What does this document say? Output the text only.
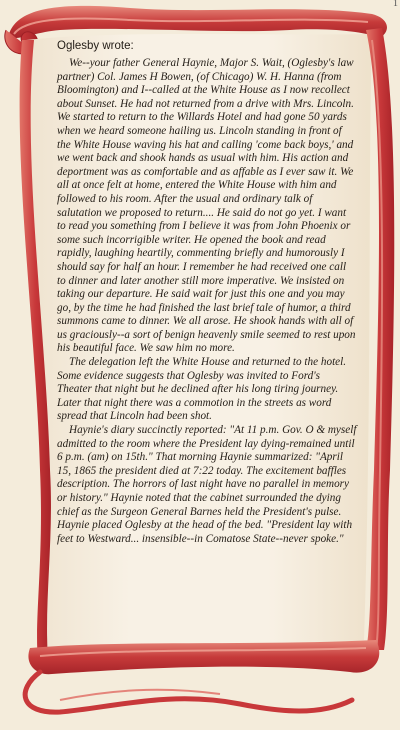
1
Oglesby wrote:

We--your father General Haynie, Major S. Wait, (Oglesby's law partner) Col. James H Bowen, (of Chicago) W. H. Hanna (from Bloomington) and I--called at the White House as I now recollect about Sunset. He had not returned from a drive with Mrs. Lincoln. We started to return to the Willards Hotel and had gone 50 yards when we heard someone hailing us. Lincoln standing in front of the White House waving his hat and calling 'come back boys,' and we went back and shook hands as usual with him. His action and deportment was as comfortable and as affable as I ever saw it. We all at once felt at home, entered the White House with him and followed to his room. After the usual and ordinary talk of salutation we proposed to return.... He said do not go yet. I want to read you something from I believe it was from John Phoenix or some such incorrigible writer. He opened the book and read rapidly, laughing heartily, commenting briefly and humorously I should say for half an hour. I remember he had received one call to dinner and later another still more imperative. We insisted on taking our departure. He said wait for just this one and you may go, by the time he had finished the last brief tale of humor, a third summons came to dinner. We all arose. He shook hands with all of us graciously--a sort of benign heavenly smile seemed to rest upon his beautiful face. We saw him no more.

The delegation left the White House and returned to the hotel. Some evidence suggests that Oglesby was invited to Ford's Theater that night but he declined after his long tiring journey. Later that night there was a commotion in the streets as word spread that Lincoln had been shot.

Haynie's diary succinctly reported: "At 11 p.m. Gov. O & myself admitted to the room where the President lay dying-remained until 6 p.m. (am) on 15th." That morning Haynie summarized: "April 15, 1865 the president died at 7:22 today. The excitement baffles description. The horrors of last night have no parallel in memory or history." Haynie noted that the cabinet surrounded the dying chief as the Surgeon General Barnes held the President's pulse. Haynie placed Oglesby at the head of the bed. "President lay with feet to Westward... insensible--in Comatose State--never spoke."
